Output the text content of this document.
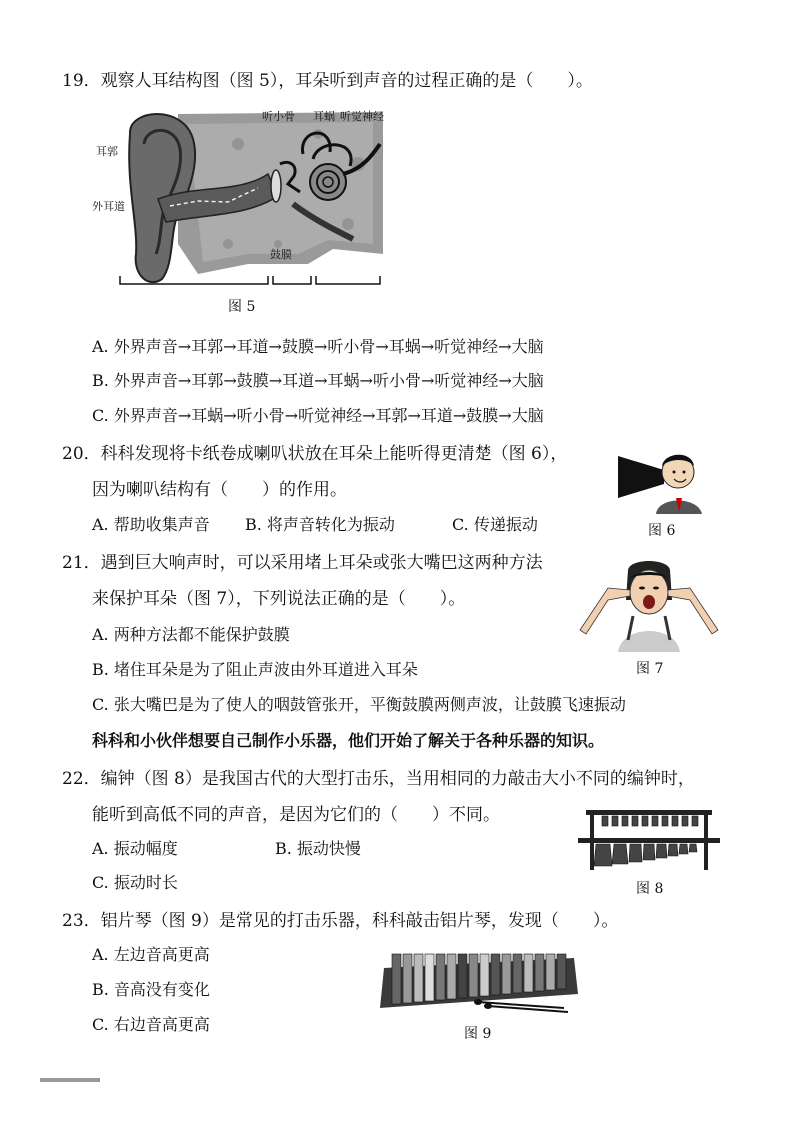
19．观察人耳结构图（图 5），耳朵听到声音的过程正确的是（　　）。
耳郭
外耳道
听小骨 耳蜗 听觉神经
鼓膜
图 5
A. 外界声音→耳郭→耳道→鼓膜→听小骨→耳蜗→听觉神经→大脑
B. 外界声音→耳郭→鼓膜→耳道→耳蜗→听小骨→听觉神经→大脑
C. 外界声音→耳蜗→听小骨→听觉神经→耳郭→耳道→鼓膜→大脑
20．科科发现将卡纸卷成喇叭状放在耳朵上能听得更清楚（图 6），
因为喇叭结构有（　　）的作用。
A. 帮助收集声音 B. 将声音转化为振动	C. 传递振动	图 6
21．遇到巨大响声时，可以采用堵上耳朵或张大嘴巴这两种方法
来保护耳朵（图 7），下列说法正确的是（　　）。
A. 两种方法都不能保护鼓膜
B. 堵住耳朵是为了阻止声波由外耳道进入耳朵
C. 张大嘴巴是为了使人的咽鼓管张开，平衡鼓膜两侧声波，让鼓膜飞速振动
图 7
科科和小伙伴想要自己制作小乐器，他们开始了解关于各种乐器的知识。
22．编钟（图 8）是我国古代的大型打击乐，当用相同的力敲击大小不同的编钟时，
能听到高低不同的声音，是因为它们的（　　）不同。
A. 振动幅度	B. 振动快慢
C. 振动时长	图 8
23．铝片琴（图 9）是常见的打击乐器，科科敲击铝片琴，发现（　　）。
A. 左边音高更高
B. 音高没有变化
C. 右边音高更高	图 9
